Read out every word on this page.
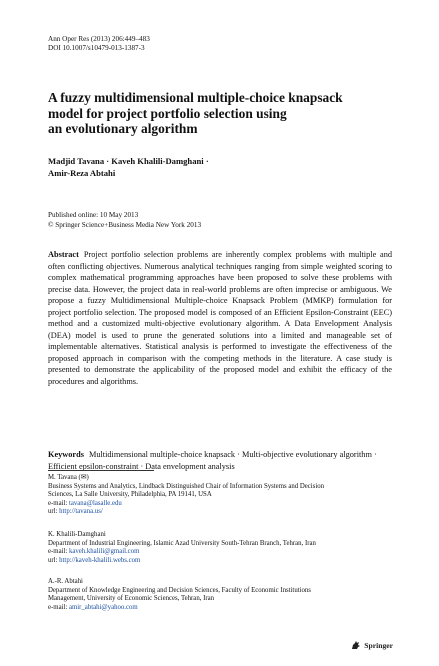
Ann Oper Res (2013) 206:449–483
DOI 10.1007/s10479-013-1387-3
A fuzzy multidimensional multiple-choice knapsack
model for project portfolio selection using
an evolutionary algorithm
Madjid Tavana · Kaveh Khalili-Damghani ·
Amir-Reza Abtahi
Published online: 10 May 2013
© Springer Science+Business Media New York 2013
Abstract Project portfolio selection problems are inherently complex problems with multiple and often conflicting objectives. Numerous analytical techniques ranging from simple weighted scoring to complex mathematical programming approaches have been proposed to solve these problems with precise data. However, the project data in real-world problems are often imprecise or ambiguous. We propose a fuzzy Multidimensional Multiple-choice Knapsack Problem (MMKP) formulation for project portfolio selection. The proposed model is composed of an Efficient Epsilon-Constraint (EEC) method and a customized multi-objective evolutionary algorithm. A Data Envelopment Analysis (DEA) model is used to prune the generated solutions into a limited and manageable set of implementable alternatives. Statistical analysis is performed to investigate the effectiveness of the proposed approach in comparison with the competing methods in the literature. A case study is presented to demonstrate the applicability of the proposed model and exhibit the efficacy of the procedures and algorithms.
Keywords Multidimensional multiple-choice knapsack · Multi-objective evolutionary algorithm · Efficient epsilon-constraint · Data envelopment analysis
M. Tavana (✉)
Business Systems and Analytics, Lindback Distinguished Chair of Information Systems and Decision
Sciences, La Salle University, Philadelphia, PA 19141, USA
e-mail: tavana@lasalle.edu
url: http://tavana.us/
K. Khalili-Damghani
Department of Industrial Engineering, Islamic Azad University South-Tehran Branch, Tehran, Iran
e-mail: kaveh.khalili@gmail.com
url: http://kaveh-khalili.webs.com
A.-R. Abtahi
Department of Knowledge Engineering and Decision Sciences, Faculty of Economic Institutions
Management, University of Economic Sciences, Tehran, Iran
e-mail: amir_abtahi@yahoo.com
Springer
